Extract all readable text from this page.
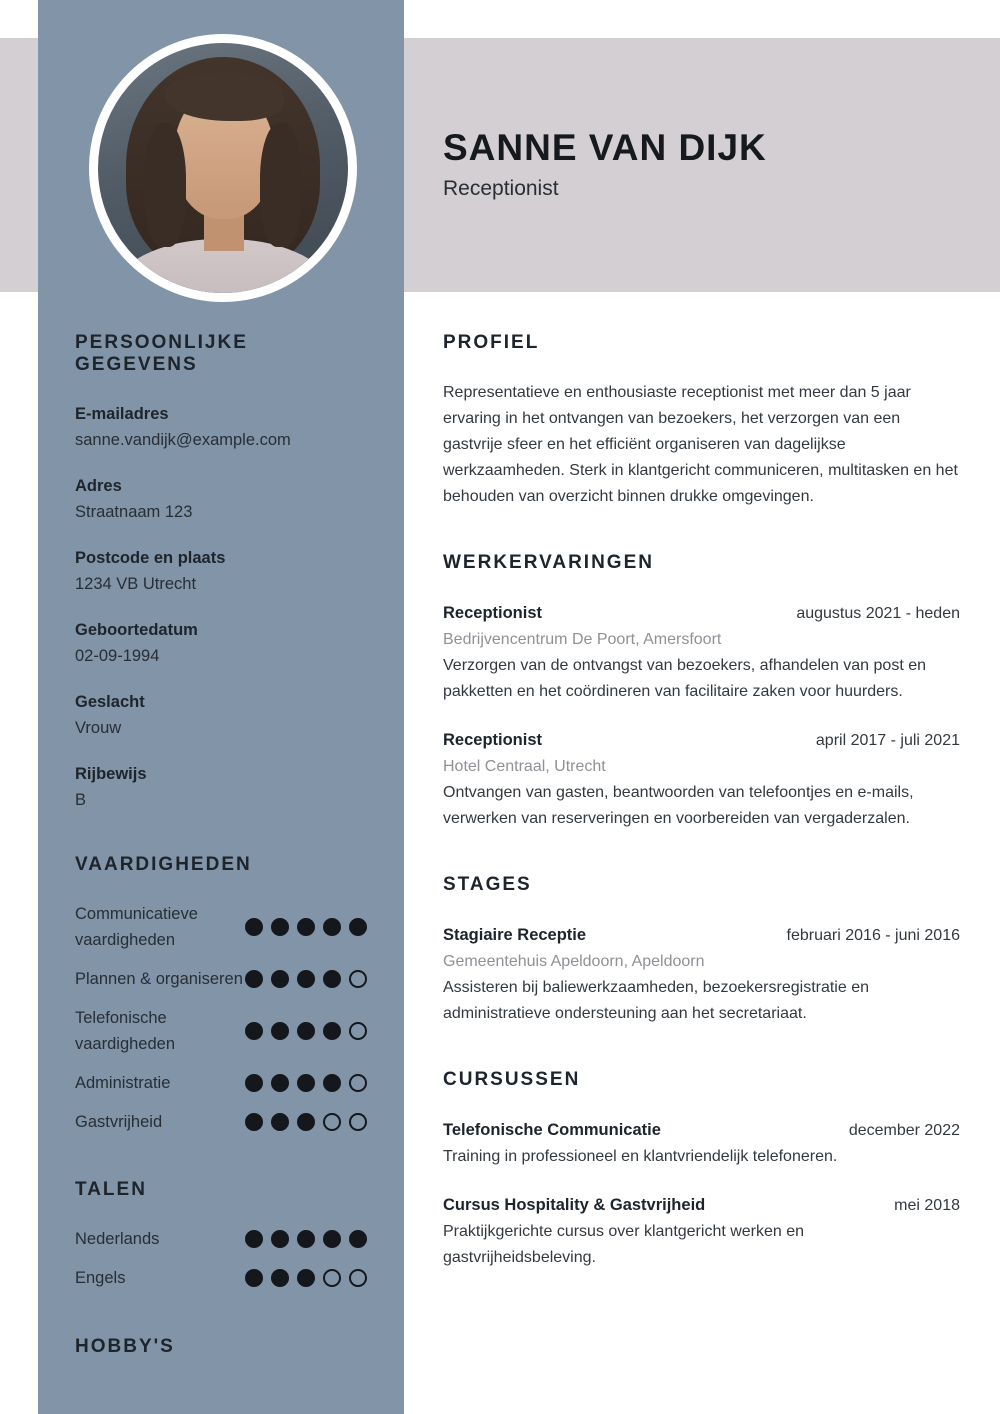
PERSOONLIJKE GEGEVENS
E-mailadres
sanne.vandijk@example.com
Adres
Straatnaam 123
Postcode en plaats
1234 VB Utrecht
Geboortedatum
02-09-1994
Geslacht
Vrouw
Rijbewijs
B
VAARDIGHEDEN
Communicatieve vaardigheden
Plannen & organiseren
Telefonische vaardigheden
Administratie
Gastvrijheid
TALEN
Nederlands
Engels
HOBBY'S
SANNE VAN DIJK
Receptionist
PROFIEL
Representatieve en enthousiaste receptionist met meer dan 5 jaar ervaring in het ontvangen van bezoekers, het verzorgen van een gastvrije sfeer en het efficiënt organiseren van dagelijkse werkzaamheden. Sterk in klantgericht communiceren, multitasken en het behouden van overzicht binnen drukke omgevingen.
WERKERVARINGEN
Receptionist	augustus 2021 - heden
Bedrijvencentrum De Poort, Amersfoort
Verzorgen van de ontvangst van bezoekers, afhandelen van post en pakketten en het coördineren van facilitaire zaken voor huurders.
Receptionist	april 2017 - juli 2021
Hotel Centraal, Utrecht
Ontvangen van gasten, beantwoorden van telefoontjes en e-mails, verwerken van reserveringen en voorbereiden van vergaderzalen.
STAGES
Stagiaire Receptie	februari 2016 - juni 2016
Gemeentehuis Apeldoorn, Apeldoorn
Assisteren bij baliewerkzaamheden, bezoekersregistratie en administratieve ondersteuning aan het secretariaat.
CURSUSSEN
Telefonische Communicatie	december 2022
Training in professioneel en klantvriendelijk telefoneren.
Cursus Hospitality & Gastvrijheid	mei 2018
Praktijkgerichte cursus over klantgericht werken en gastvrijheidsbeleving.
